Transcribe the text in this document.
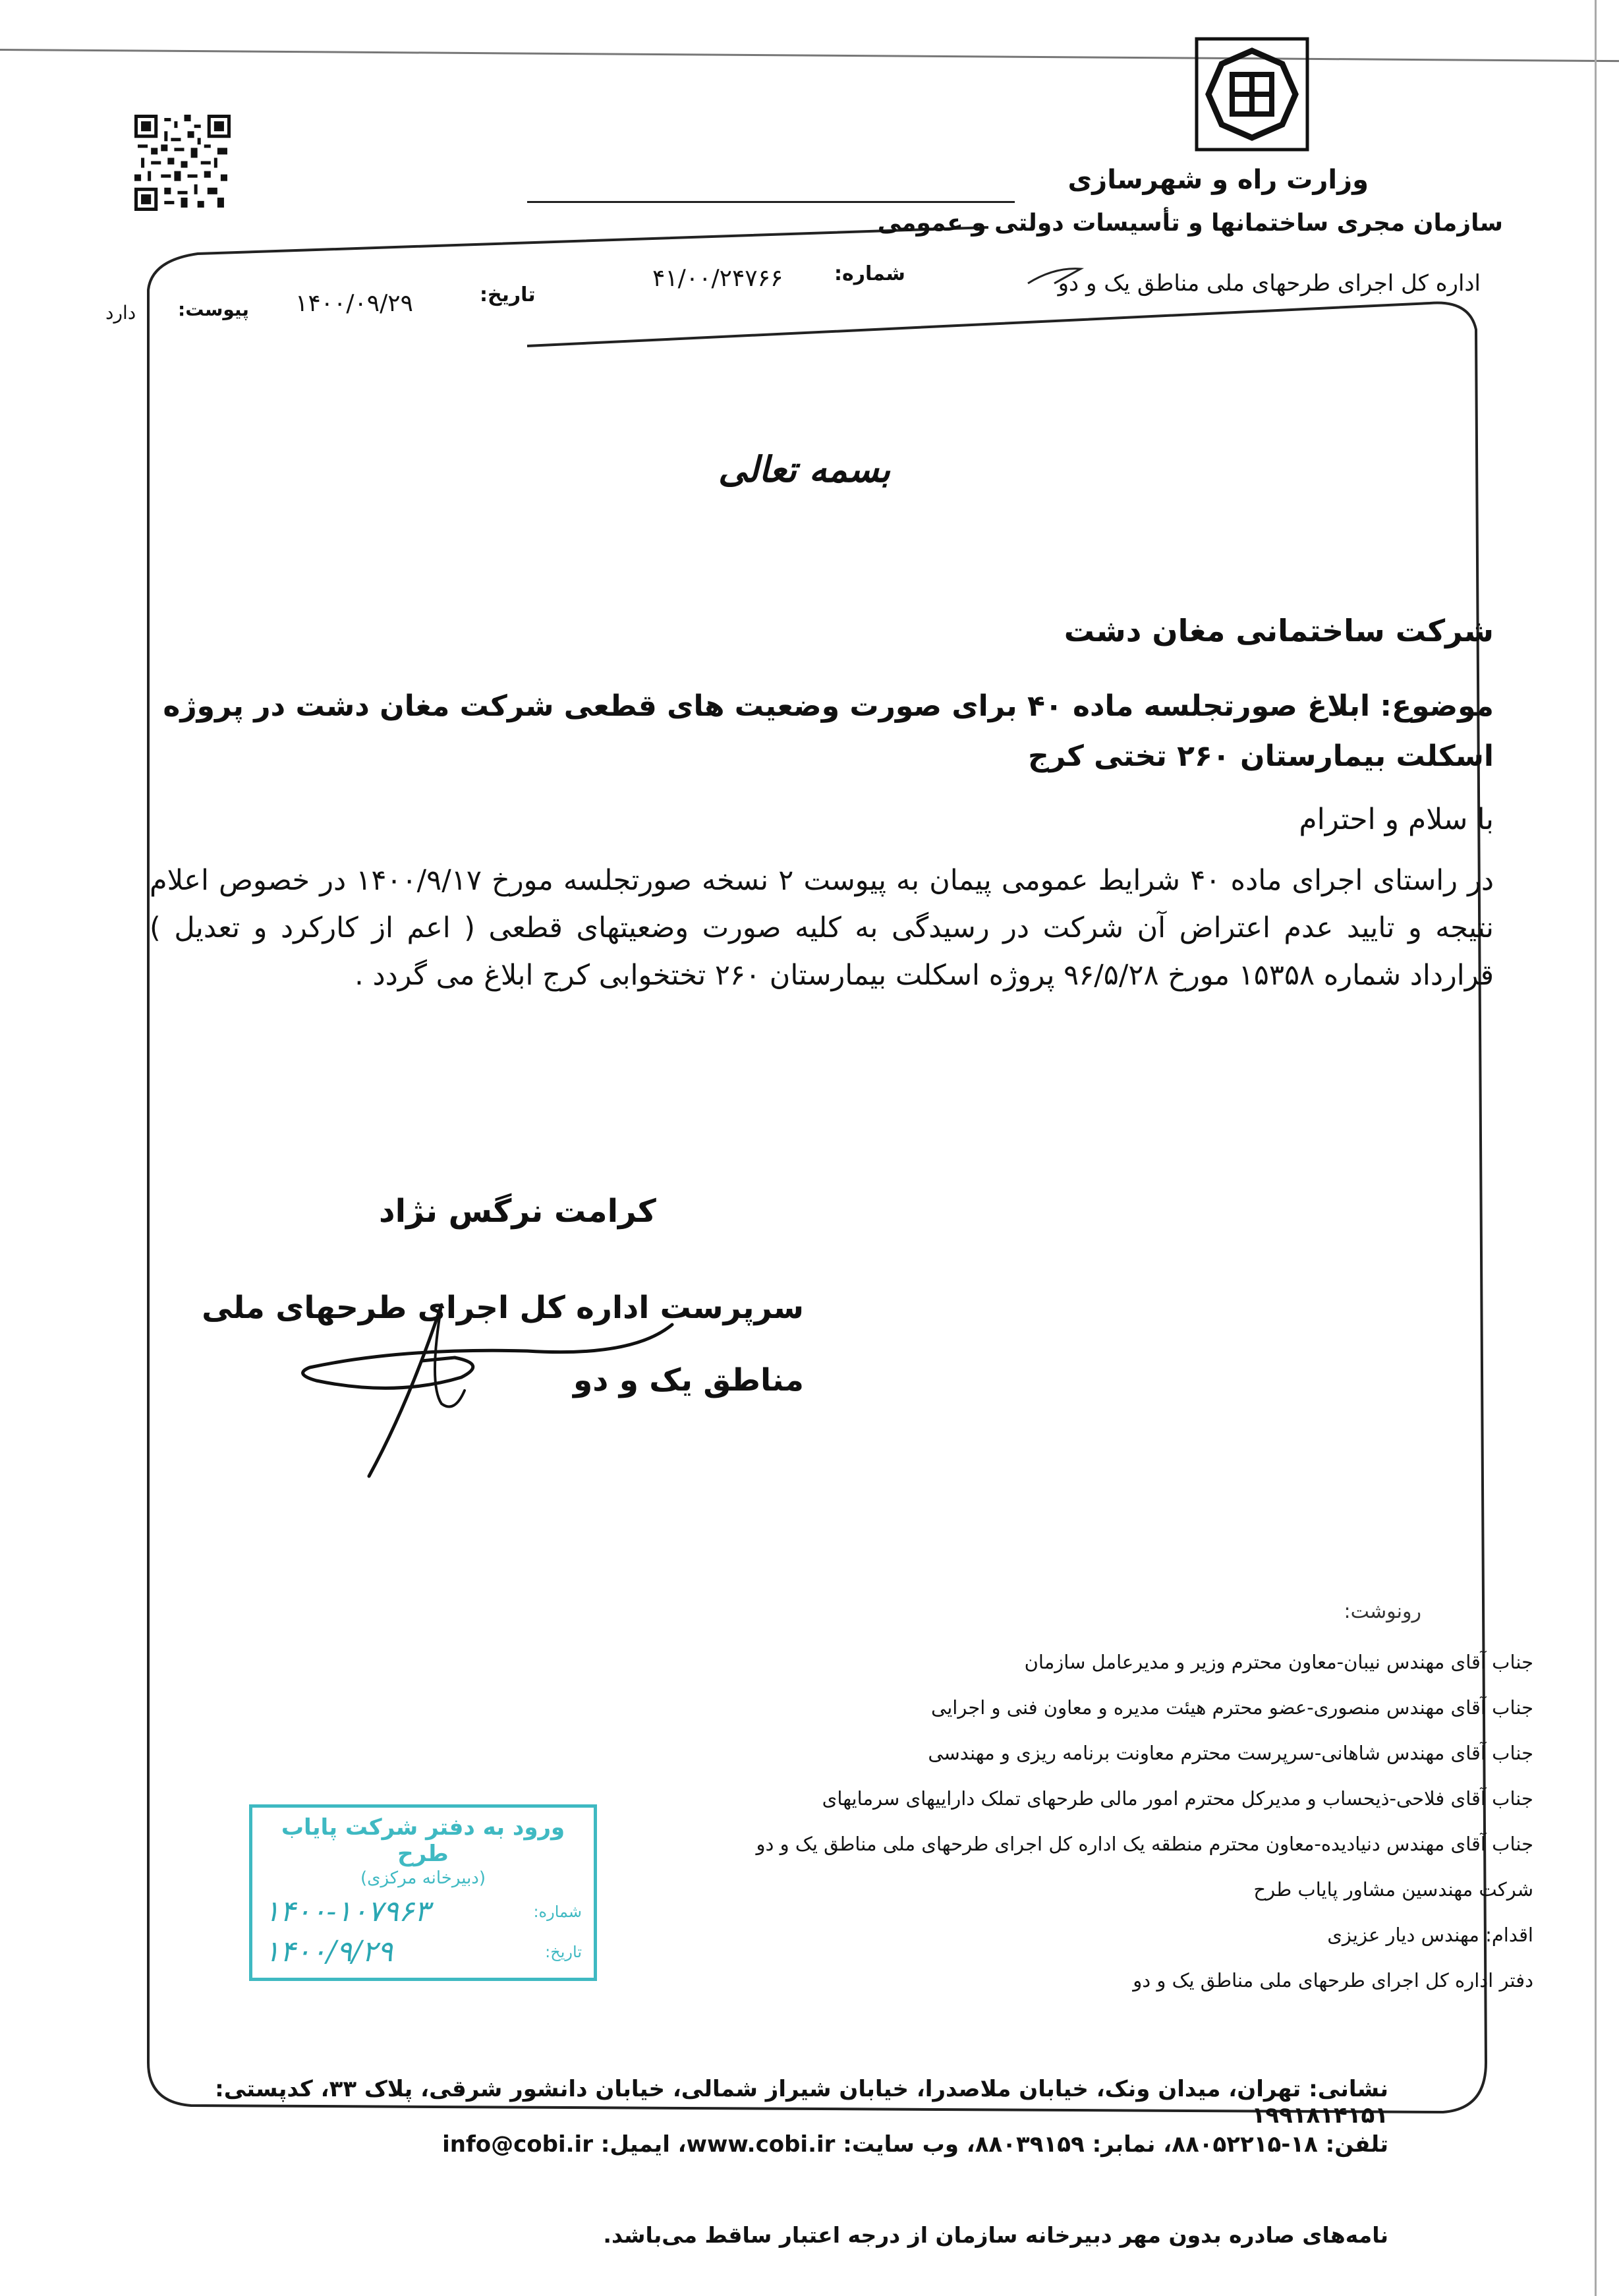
وزارت راه و شهرسازی
سازمان مجری ساختمانها و تأسیسات دولتی و عمومی
اداره کل اجرای طرحهای ملی مناطق یک و دو
شماره:
۴۱/۰۰/۲۴۷۶۶
تاریخ:
۱۴۰۰/۰۹/۲۹
پیوست:
دارد
بسمه تعالی
شرکت ساختمانی مغان دشت
موضوع: ابلاغ صورتجلسه ماده ۴۰ برای صورت وضعیت های قطعی شرکت مغان دشت در پروژه اسکلت بیمارستان ۲۶۰ تختی کرج
با سلام و احترام
در راستای اجرای ماده ۴۰ شرایط عمومی پیمان به پیوست ۲ نسخه صورتجلسه مورخ ۱۴۰۰/۹/۱۷ در خصوص اعلام نتیجه و تایید عدم اعتراض آن شرکت در رسیدگی به کلیه صورت وضعیتهای قطعی ( اعم از کارکرد و تعدیل ) قرارداد شماره ۱۵۳۵۸ مورخ ۹۶/۵/۲۸ پروژه اسکلت بیمارستان ۲۶۰ تختخوابی کرج ابلاغ می گردد .
کرامت نرگس نژاد
سرپرست اداره کل اجرای طرحهای ملی مناطق یک و دو
رونوشت:
جناب آقای مهندس نیبان-معاون محترم وزیر و مدیرعامل سازمان
جناب آقای مهندس منصوری-عضو محترم هیئت مدیره و معاون فنی و اجرایی
جناب آقای مهندس شاهانی-سرپرست محترم معاونت برنامه ریزی و مهندسی
جناب آقای فلاحی-ذیحساب و مدیرکل محترم امور مالی طرحهای تملک داراییهای سرمایهای
جناب آقای مهندس دنیادیده-معاون محترم منطقه یک اداره کل اجرای طرحهای ملی مناطق یک و دو
شرکت مهندسین مشاور پایاب طرح
اقدام: مهندس دیار عزیزی
دفتر اداره کل اجرای طرحهای ملی مناطق یک و دو
ورود به دفتر شرکت پایاب طرح
(دبیرخانه مرکزی)
۱۴۰۰-۱۰۷۹۶۳	شماره:
۱۴۰۰/۹/۲۹	تاریخ:
نشانی: تهران، میدان ونک، خیابان ملاصدرا، خیابان شیراز شمالی، خیابان دانشور شرقی، پلاک ۳۳، کدپستی: ۱۹۹۱۸۱۴۱۵۱
تلفن: ۱۸-۸۸۰۵۲۲۱۵، نمابر: ۸۸۰۳۹۱۵۹، وب سایت: www.cobi.ir، ایمیل: info@cobi.ir
نامه‌های صادره بدون مهر دبیرخانه سازمان از درجه اعتبار ساقط می‌باشد.
